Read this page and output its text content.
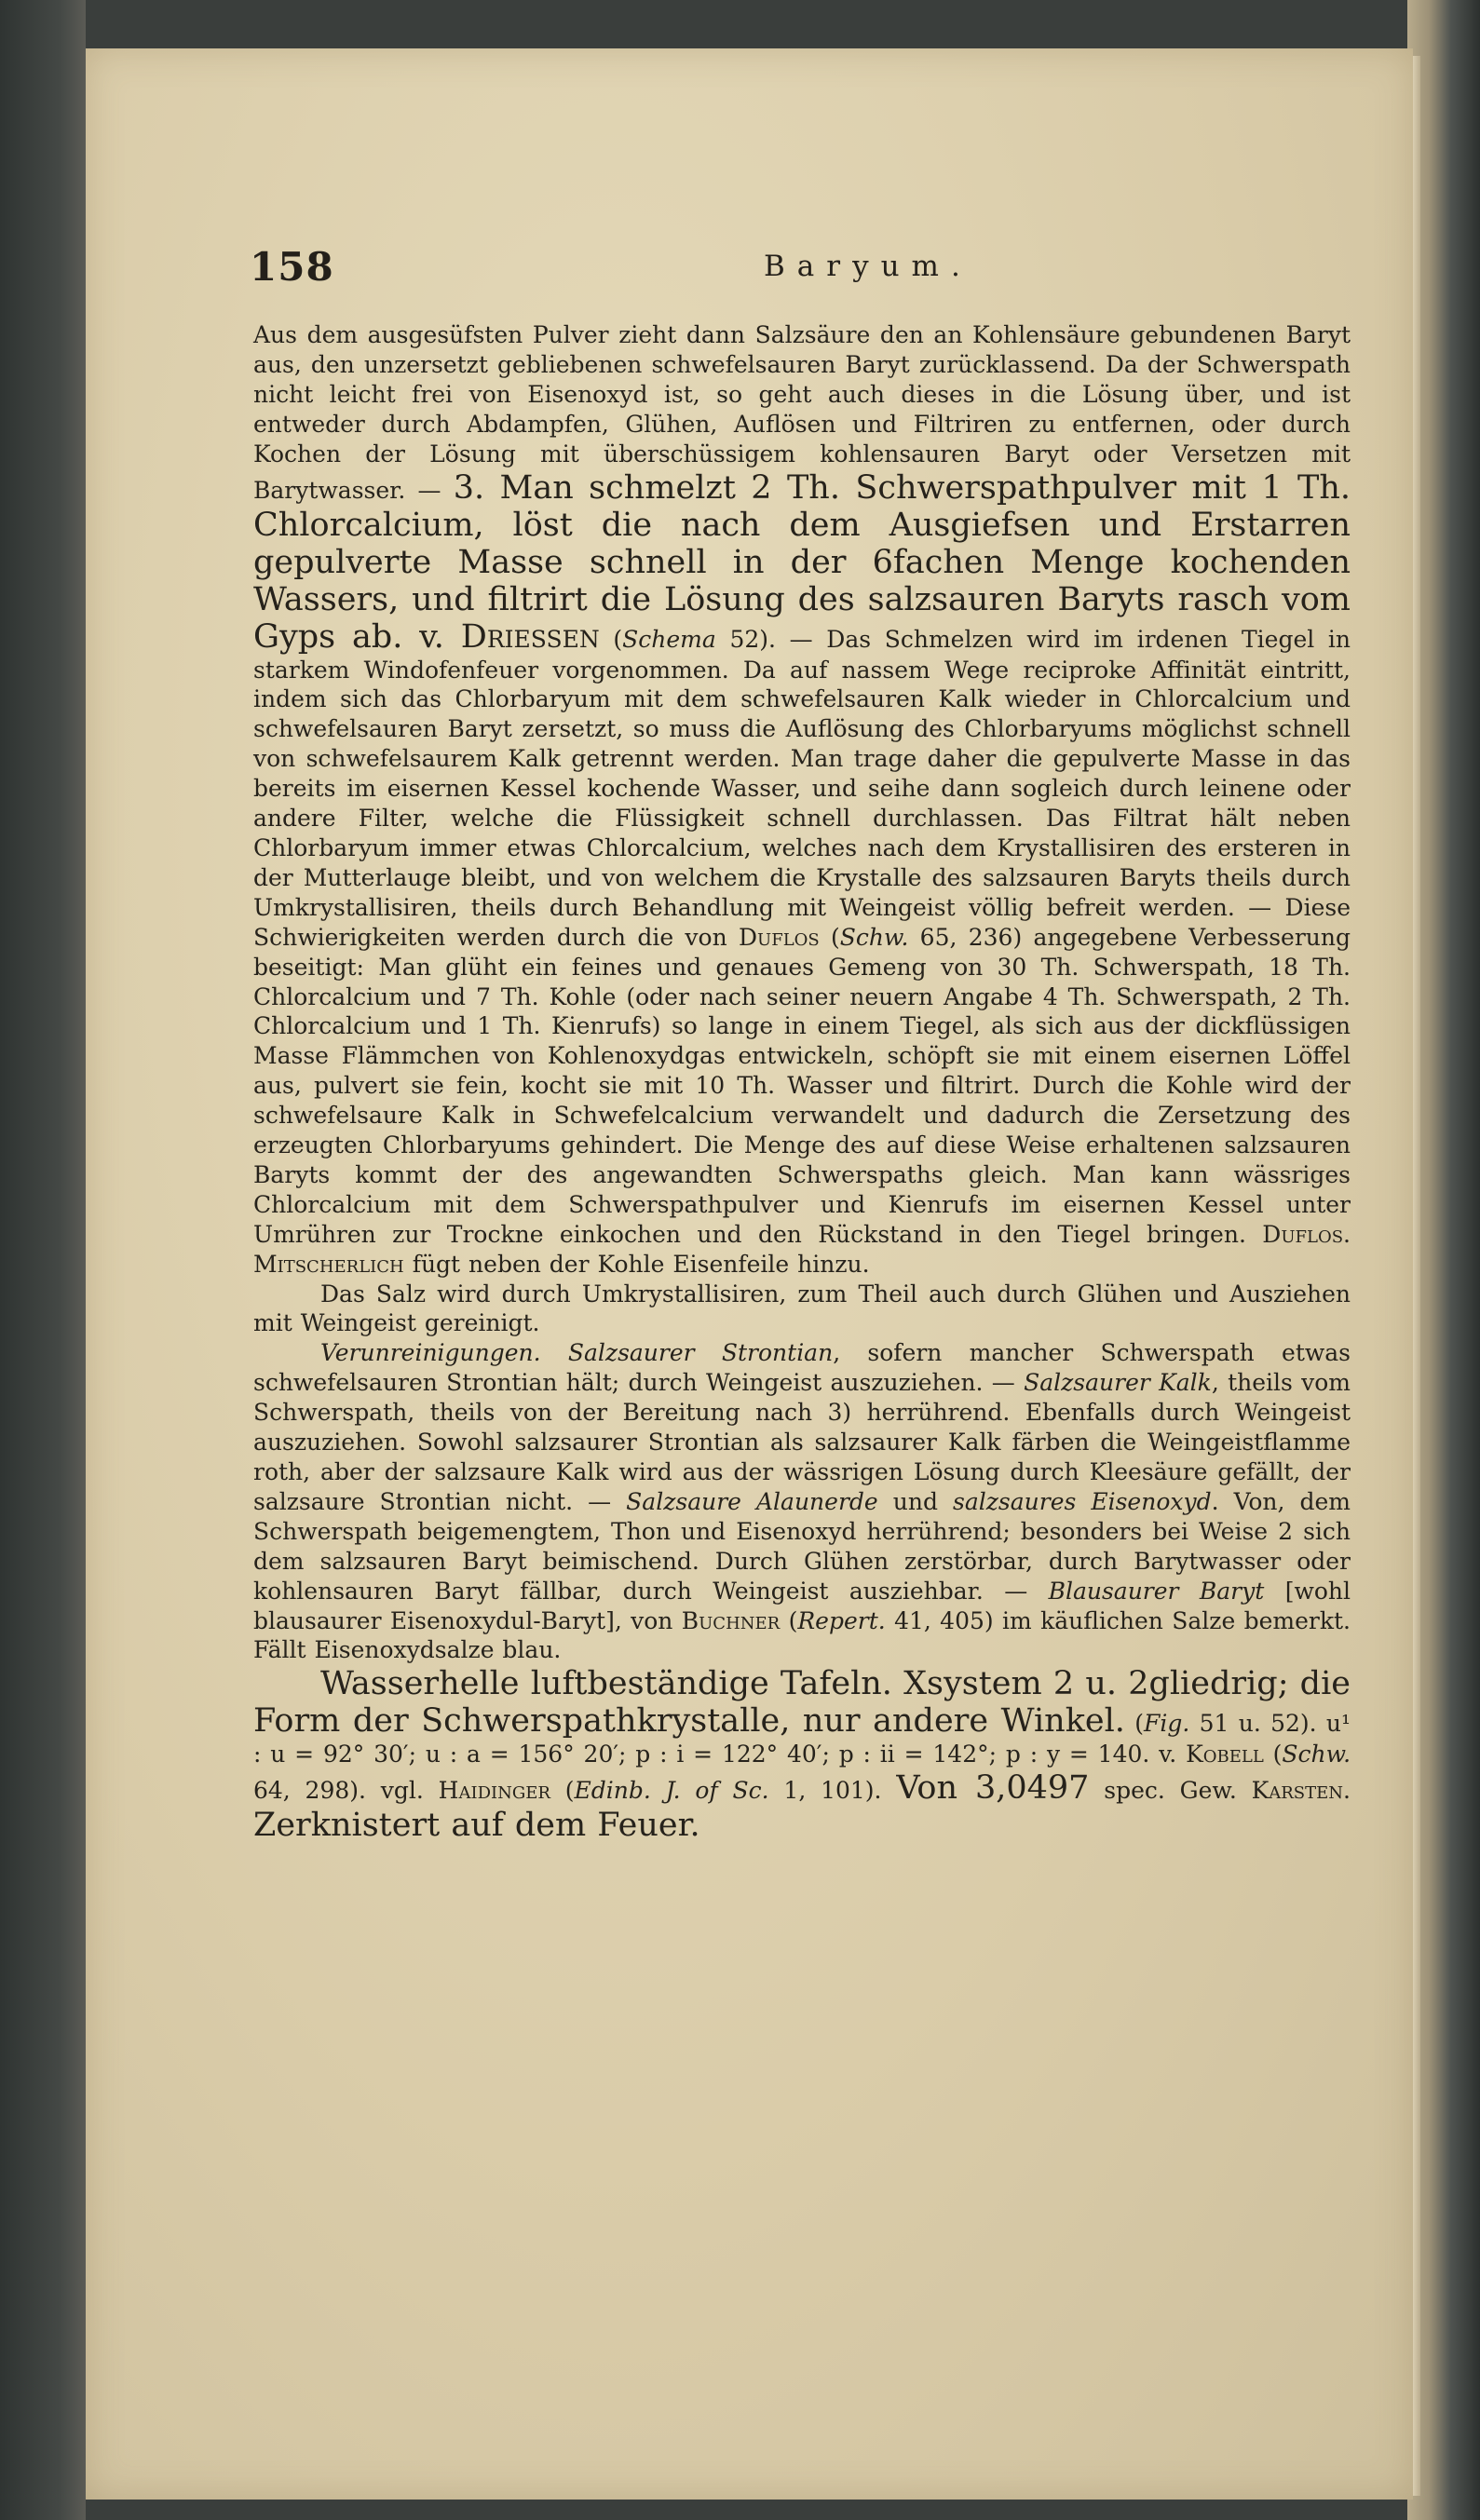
158	Baryum.

Aus dem ausgesüfsten Pulver zieht dann Salzsäure den an Kohlensäure gebundenen Baryt aus, den unzersetzt gebliebenen schwefelsauren Baryt zurücklassend. Da der Schwerspath nicht leicht frei von Eisenoxyd ist, so geht auch dieses in die Lösung über, und ist entweder durch Abdampfen, Glühen, Auflösen und Filtriren zu entfernen, oder durch Kochen der Lösung mit überschüssigem kohlensauren Baryt oder Versetzen mit Barytwasser. — 3. Man schmelzt 2 Th. Schwerspathpulver mit 1 Th. Chlorcalcium, löst die nach dem Ausgiefsen und Erstarren gepulverte Masse schnell in der 6fachen Menge kochenden Wassers, und filtrirt die Lösung des salzsauren Baryts rasch vom Gyps ab. v. Driessen (Schema 52). — Das Schmelzen wird im irdenen Tiegel in starkem Windofenfeuer vorgenommen. Da auf nassem Wege reciproke Affinität eintritt, indem sich das Chlorbaryum mit dem schwefelsauren Kalk wieder in Chlorcalcium und schwefelsauren Baryt zersetzt, so muss die Auflösung des Chlorbaryums möglichst schnell von schwefelsaurem Kalk getrennt werden. Man trage daher die gepulverte Masse in das bereits im eisernen Kessel kochende Wasser, und seihe dann sogleich durch leinene oder andere Filter, welche die Flüssigkeit schnell durchlassen. Das Filtrat hält neben Chlorbaryum immer etwas Chlorcalcium, welches nach dem Krystallisiren des ersteren in der Mutterlauge bleibt, und von welchem die Krystalle des salzsauren Baryts theils durch Umkrystallisiren, theils durch Behandlung mit Weingeist völlig befreit werden. — Diese Schwierigkeiten werden durch die von Duflos (Schw. 65, 236) angegebene Verbesserung beseitigt: Man glüht ein feines und genaues Gemeng von 30 Th. Schwerspath, 18 Th. Chlorcalcium und 7 Th. Kohle (oder nach seiner neuern Angabe 4 Th. Schwerspath, 2 Th. Chlorcalcium und 1 Th. Kienrufs) so lange in einem Tiegel, als sich aus der dickflüssigen Masse Flämmchen von Kohlenoxydgas entwickeln, schöpft sie mit einem eisernen Löffel aus, pulvert sie fein, kocht sie mit 10 Th. Wasser und filtrirt. Durch die Kohle wird der schwefelsaure Kalk in Schwefelcalcium verwandelt und dadurch die Zersetzung des erzeugten Chlorbaryums gehindert. Die Menge des auf diese Weise erhaltenen salzsauren Baryts kommt der des angewandten Schwerspaths gleich. Man kann wässriges Chlorcalcium mit dem Schwerspathpulver und Kienrufs im eisernen Kessel unter Umrühren zur Trockne einkochen und den Rückstand in den Tiegel bringen. Duflos. Mitscherlich fügt neben der Kohle Eisenfeile hinzu.

Das Salz wird durch Umkrystallisiren, zum Theil auch durch Glühen und Ausziehen mit Weingeist gereinigt.

Verunreinigungen. Salzsaurer Strontian, sofern mancher Schwerspath etwas schwefelsauren Strontian hält; durch Weingeist auszuziehen. — Salzsaurer Kalk, theils vom Schwerspath, theils von der Bereitung nach 3) herrührend. Ebenfalls durch Weingeist auszuziehen. Sowohl salzsaurer Strontian als salzsaurer Kalk färben die Weingeistflamme roth, aber der salzsaure Kalk wird aus der wässrigen Lösung durch Kleesäure gefällt, der salzsaure Strontian nicht. — Salzsaure Alaunerde und salzsaures Eisenoxyd. Von, dem Schwerspath beigemengtem, Thon und Eisenoxyd herrührend; besonders bei Weise 2 sich dem salzsauren Baryt beimischend. Durch Glühen zerstörbar, durch Barytwasser oder kohlensauren Baryt fällbar, durch Weingeist ausziehbar. — Blausaurer Baryt [wohl blausaurer Eisenoxydul-Baryt], von Buchner (Repert. 41, 405) im käuflichen Salze bemerkt. Fällt Eisenoxydsalze blau.

Wasserhelle luftbeständige Tafeln. Xsystem 2 u. 2gliedrig; die Form der Schwerspathkrystalle, nur andere Winkel. (Fig. 51 u. 52). u¹ : u = 92° 30′; u : a = 156° 20′; p : i = 122° 40′; p : ii = 142°; p : y = 140. v. Kobell (Schw. 64, 298). vgl. Haidinger (Edinb. J. of Sc. 1, 101). Von 3,0497 spec. Gew. Karsten. Zerknistert auf dem Feuer.
